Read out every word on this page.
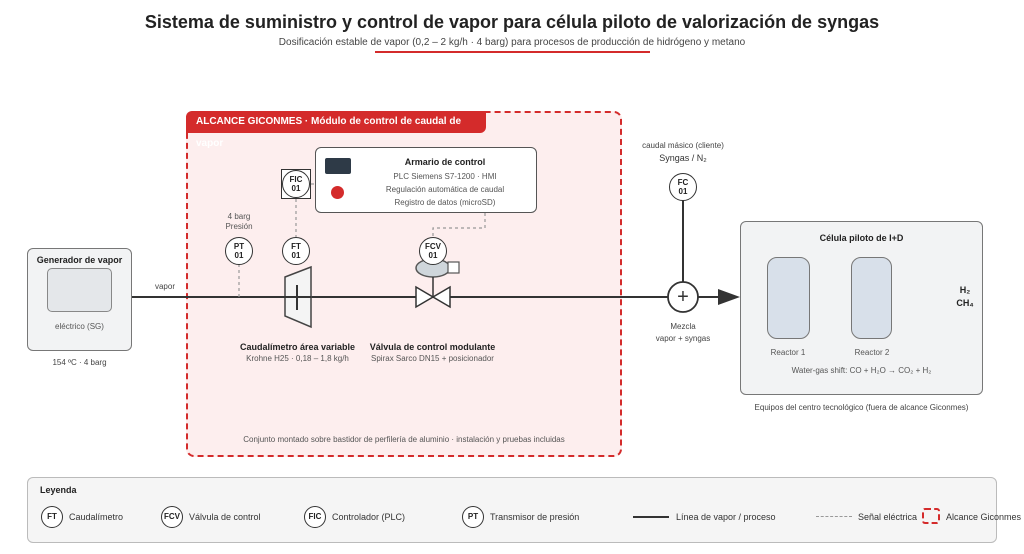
Sistema de suministro y control de vapor para célula piloto de valorización de syngas
Dosificación estable de vapor (0,2 – 2 kg/h · 4 barg) para procesos de producción de hidrógeno y metano
ALCANCE GICONMES · Módulo de control de caudal de vapor
Conjunto montado sobre bastidor de perfilería de aluminio · instalación y pruebas incluidas
Generador de vapor
eléctrico (SG)
154 ºC · 4 barg
vapor
Armario de control
PLC Siemens S7-1200 · HMI
Regulación automática de caudal
Registro de datos (microSD)
FIC
01
4 barg
Presión
PT
01
FT
01
FCV
01
Caudalímetro área variable
Krohne H25 · 0,18 – 1,8 kg/h
Válvula de control modulante
Spirax Sarco DN15 + posicionador
caudal másico (cliente)
Syngas / N₂
FC
01
+
Mezcla
vapor + syngas
Célula piloto de I+D
Reactor 1	Reactor 2
Water-gas shift: CO + H₂O → CO₂ + H₂
H₂
CH₄
Equipos del centro tecnológico (fuera de alcance Giconmes)
Leyenda
FT	Caudalímetro	FCV	Válvula de control	FIC	Controlador (PLC)	PT	Transmisor de presión	Línea de vapor / proceso	Señal eléctrica	Alcance Giconmes
